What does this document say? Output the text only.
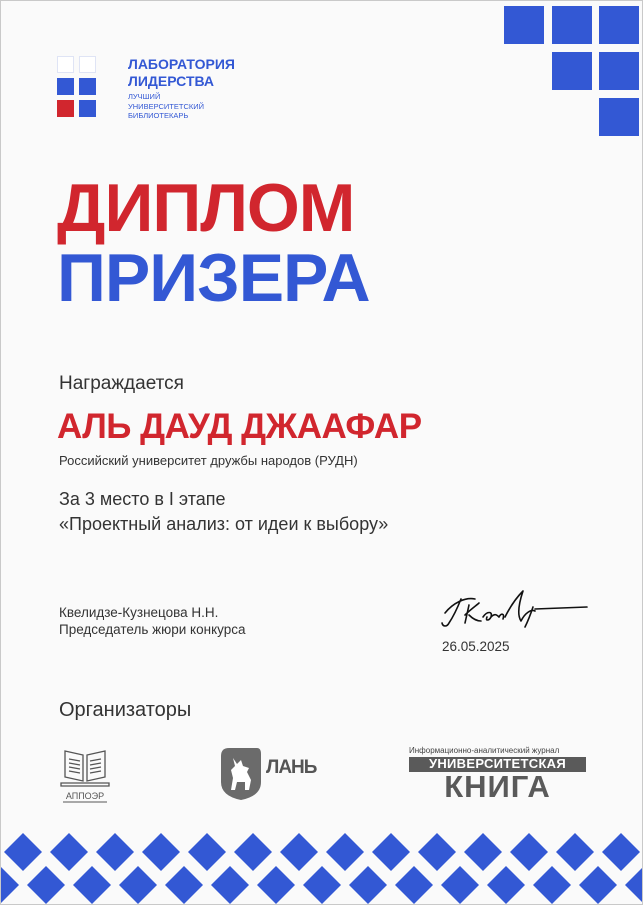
ЛАБОРАТОРИЯ
ЛИДЕРСТВА
ЛУЧШИЙ
УНИВЕРСИТЕТСКИЙ
БИБЛИОТЕКАРЬ
ДИПЛОМ
ПРИЗЕРА
Награждается
АЛЬ ДАУД ДЖААФАР
Российский университет дружбы народов (РУДН)
За 3 место в I этапе
«Проектный анализ: от идеи к выбору»
Квелидзе-Кузнецова Н.Н.
Председатель жюри конкурса
26.05.2025
Организаторы
АППОЭР
ЛАНЬ
Информационно-аналитический журнал
УНИВЕРСИТЕТСКАЯ
КНИГА
